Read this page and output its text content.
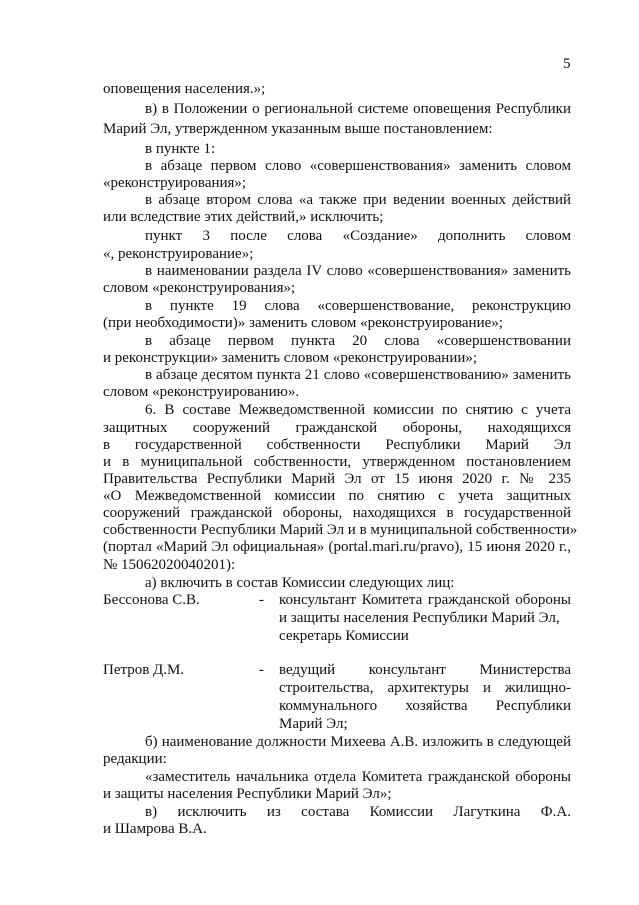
5
оповещения населения.»;
в) в Положении о региональной системе оповещения Республики
Марий Эл, утвержденном указанным выше постановлением:
в пункте 1:
в абзаце первом слово «совершенствования» заменить словом
«реконструирования»;
в абзаце втором слова «а также при ведении военных действий
или вследствие этих действий,» исключить;
пункт 3 после слова «Создание» дополнить словом
«, реконструирование»;
в наименовании раздела IV слово «совершенствования» заменить
словом «реконструирования»;
в пункте 19 слова «совершенствование, реконструкцию
(при необходимости)» заменить словом «реконструирование»;
в абзаце первом пункта 20 слова «совершенствовании
и реконструкции» заменить словом «реконструировании»;
в абзаце десятом пункта 21 слово «совершенствованию» заменить
словом «реконструированию».
6. В составе Межведомственной комиссии по снятию с учета
защитных сооружений гражданской обороны, находящихся
в государственной собственности Республики Марий Эл
и в муниципальной собственности, утвержденном постановлением
Правительства Республики Марий Эл от 15 июня 2020 г. № 235
«О Межведомственной комиссии по снятию с учета защитных
сооружений гражданской обороны, находящихся в государственной
собственности Республики Марий Эл и в муниципальной собственности»
(портал «Марий Эл официальная» (portal.mari.ru/pravo), 15 июня 2020 г.,
№ 15062020040201):
а) включить в состав Комиссии следующих лиц:
Бессонова С.В.	- консультант Комитета гражданской обороны
и защиты населения Республики Марий Эл,
секретарь Комиссии
Петров Д.М.	- ведущий консультант Министерства
строительства, архитектуры и жилищно-
коммунального хозяйства Республики
Марий Эл;
б) наименование должности Михеева А.В. изложить в следующей
редакции:
«заместитель начальника отдела Комитета гражданской обороны
и защиты населения Республики Марий Эл»;
в) исключить из состава Комиссии Лагуткина Ф.А.
и Шамрова В.А.
